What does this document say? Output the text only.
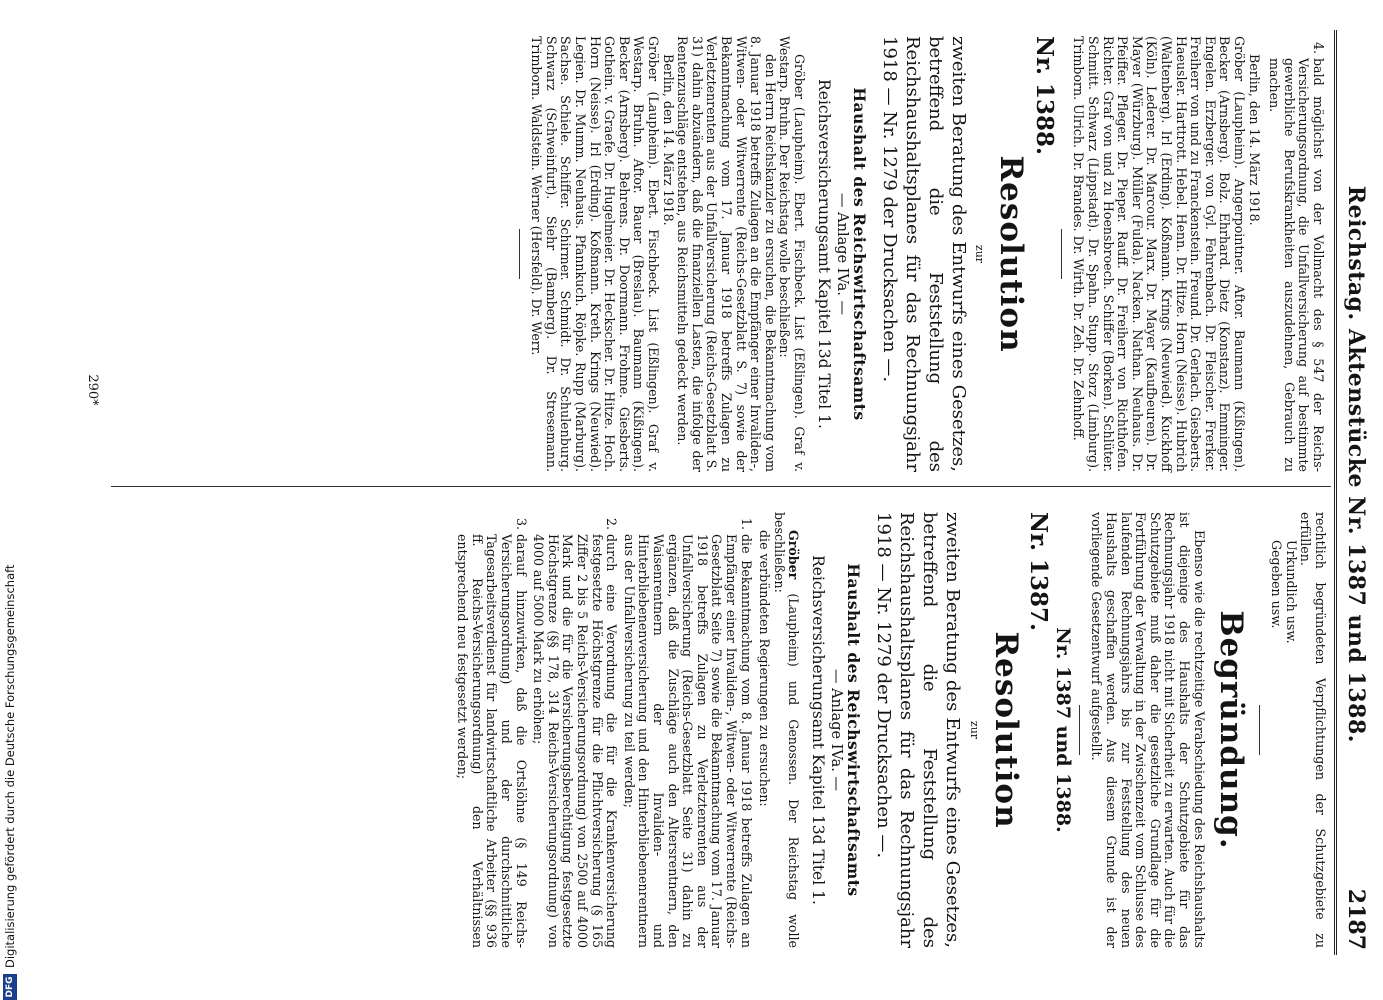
Reichstag. Aktenstücke Nr. 1387 und 1388.
2187

rechtlich begründeten Verpflichtungen der Schutzgebiete zu erfüllen.

Urkundlich usw.

Gegeben usw.

Begründung.

Ebenso wie die rechtzeitige Verabschiedung des Reichshaushalts ist diejenige des Haushalts der Schutzgebiete für das Rechnungsjahr 1918 nicht mit Sicherheit zu erwarten. Auch für die Schutzgebiete muß daher die gesetzliche Grundlage für die Fortführung der Verwaltung in der Zwischenzeit vom Schlusse des laufenden Rechnungsjahrs bis zur Feststellung des neuen Haushalts geschaffen werden. Aus diesem Grunde ist der vorliegende Gesetzentwurf aufgestellt.

Nr. 1387 und 1388.
Nr. 1387.
Resolution
zur

zweiten Beratung des Entwurfs eines Gesetzes, betreffend die Feststellung des Reichshaushaltsplanes für das Rechnungsjahr 1918 — Nr. 1279 der Drucksachen —.

Haushalt des Reichswirtschaftsamts
— Anlage IVa. —
Reichsversicherungsamt Kapitel 13d Titel 1.

Gröber (Laupheim) und Genossen. Der Reichstag wolle beschließen:

die verbündeten Regierungen zu ersuchen:

1. die Bekanntmachung vom 8. Januar 1918 betreffs Zulagen an Empfänger einer Invaliden-, Witwen- oder Witwerrente (Reichs-Gesetzblatt Seite 7) sowie die Bekanntmachung vom 17. Januar 1918 betreffs Zulagen zu Verletztenrenten aus der Unfallversicherung (Reichs-Gesetzblatt Seite 31) dahin zu ergänzen, daß die Zuschläge auch den Altersrentnern, den Waisenrentnern der Invaliden- und Hinterbliebenenversicherung und den Hinterbliebenenrentnern aus der Unfallversicherung zu teil werden;
2. durch eine Verordnung die für die Krankenversicherung festgesetzte Höchstgrenze für die Pflichtversicherung (§ 165 Ziffer 2 bis 5 Reichs-Versicherungsordnung) von 2500 auf 4000 Mark und die für die Versicherungsberechtigung festgesetzte Höchstgrenze (§§ 178, 314 Reichs-Versicherungsordnung) von 4000 auf 5000 Mark zu erhöhen;
3. darauf hinzuwirken, daß die Ortslöhne (§ 149 Reichs-Versicherungsordnung) und der durchschnittliche Tagesarbeitsverdienst für landwirtschaftliche Arbeiter (§§ 936 ff. Reichs-Versicherungsordnung) den Verhältnissen entsprechend neu festgesetzt werden;
4. bald möglichst von der Vollmacht des § 547 der Reichs-Versicherungsordnung, die Unfallversicherung auf bestimmte gewerbliche Berufskrankheiten auszudehnen, Gebrauch zu machen.

Berlin, den 14. März 1918.

Gröber (Laupheim). Angerpointner. Aftor. Baumann (Kißingen). Becker (Arnsberg). Bolz. Ehrhard. Dietz (Konstanz). Emminger. Engelen. Erzberger. von Gyl. Fehrenbach. Dr. Fleischer. Frerker. Freiherr von und zu Franckenstein. Freund. Dr. Gerlach. Giesberts. Haeusler. Harttrott. Hebel. Henn. Dr. Hitze. Horn (Neisse). Hubrich (Waltenberg). Irl (Erding). Koßmann. Krings (Neuwied). Kuckhoff (Köln). Lederer. Dr. Marcour. Marx. Dr. Mayer (Kaufbeuren). Dr. Mayer (Würzburg). Müller (Fulda). Nacken. Nathan. Neuhaus. Dr. Pfeiffer. Pfleger. Dr. Pieper. Rauff. Dr. Freiherr von Richthofen. Richter. Graf von und zu Hoensbroech. Schiffer (Borken). Schlüter. Schmitt. Schwarz (Lippstadt). Dr. Spahn. Stupp. Storz (Limburg). Trimborn. Ulrich. Dr. Brandes. Dr. Wirth. Dr. Zeh. Dr. Zehnhoff.

Nr. 1388.
Resolution
zur

zweiten Beratung des Entwurfs eines Gesetzes, betreffend die Feststellung des Reichshaushaltsplanes für das Rechnungsjahr 1918 — Nr. 1279 der Drucksachen —.

Haushalt des Reichswirtschaftsamts
— Anlage IVa. —
Reichsversicherungsamt Kapitel 13d Titel 1.

Gröber (Laupheim). Ebert. Fischbeck. List (Eßlingen). Graf v. Westarp. Bruhn. Der Reichstag wolle beschließen:

den Herrn Reichskanzler zu ersuchen, die Bekanntmachung vom 8. Januar 1918 betreffs Zulagen an die Empfänger einer Invaliden-, Witwen- oder Witwerrente (Reichs-Gesetzblatt S. 7) sowie der Bekanntmachung vom 17. Januar 1918 betreffs Zulagen zu Verletztenrenten aus der Unfallversicherung (Reichs-Gesetzblatt S. 31) dahin abzuändern, daß die finanziellen Lasten, die infolge der Rentenzuschläge entstehen, aus Reichsmitteln gedeckt werden.

Berlin, den 14. März 1918.

Gröber (Laupheim). Ebert. Fischbeck. List (Eßlingen). Graf v. Westarp. Bruhn. Aftor. Bauer (Breslau). Baumann (Kißingen). Becker (Arnsberg). Behrens. Dr. Doormann. Frohme. Giesberts. Gothein. v. Graefe. Dr. Hugelmeier. Dr. Heckscher. Dr. Hitze. Hoch. Horn (Neisse). Irl (Erding). Koßmann. Kreth. Krings (Neuwied). Legien. Dr. Mumm. Neuhaus. Pfannkuch. Röpke. Rupp (Marburg). Sachse. Schiele. Schiffer. Schirmer. Schmidt. Dr. Schulenburg. Schwarz (Schweinfurt). Siehr (Bamberg). Dr. Stresemann. Trimborn. Waldstein. Werner (Hersfeld). Dr. Werr.

290*
DFG
Digitalisierung gefördert durch die Deutsche Forschungsgemeinschaft
